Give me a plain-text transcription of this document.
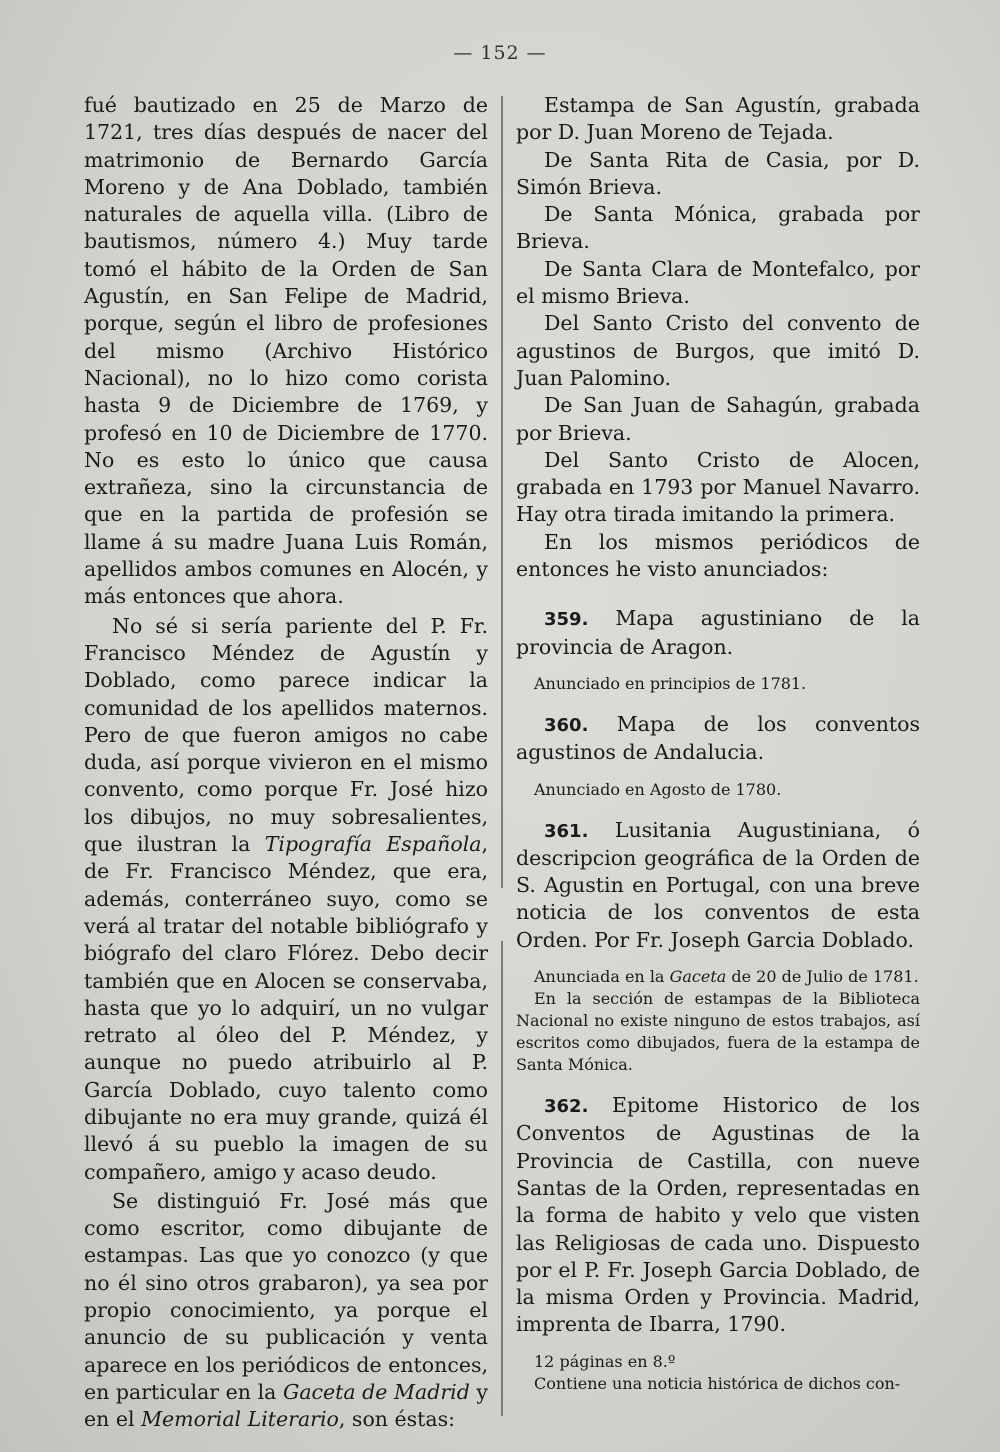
— 152 —

fué bautizado en 25 de Marzo de 1721, tres días después de nacer del matrimonio de Bernardo García Moreno y de Ana Doblado, también naturales de aquella villa. (Libro de bautismos, número 4.) Muy tarde tomó el hábito de la Orden de San Agustín, en San Felipe de Madrid, porque, según el libro de profesiones del mismo (Archivo Histórico Nacional), no lo hizo como corista hasta 9 de Diciembre de 1769, y profesó en 10 de Diciembre de 1770. No es esto lo único que causa extrañeza, sino la circunstancia de que en la partida de profesión se llame á su madre Juana Luis Román, apellidos ambos comunes en Alocén, y más entonces que ahora.

No sé si sería pariente del P. Fr. Francisco Méndez de Agustín y Doblado, como parece indicar la comunidad de los apellidos maternos. Pero de que fueron amigos no cabe duda, así porque vivieron en el mismo convento, como porque Fr. José hizo los dibujos, no muy sobresalientes, que ilustran la Tipografía Española, de Fr. Francisco Méndez, que era, además, conterráneo suyo, como se verá al tratar del notable bibliógrafo y biógrafo del claro Flórez. Debo decir también que en Alocen se conservaba, hasta que yo lo adquirí, un no vulgar retrato al óleo del P. Méndez, y aunque no puedo atribuirlo al P. García Doblado, cuyo talento como dibujante no era muy grande, quizá él llevó á su pueblo la imagen de su compañero, amigo y acaso deudo.

Se distinguió Fr. José más que como escritor, como dibujante de estampas. Las que yo conozco (y que no él sino otros grabaron), ya sea por propio conocimiento, ya porque el anuncio de su publicación y venta aparece en los periódicos de entonces, en particular en la Gaceta de Madrid y en el Memorial Literario, son éstas:

Estampa de San Agustín, grabada por D. Juan Moreno de Tejada.

De Santa Rita de Casia, por D. Simón Brieva.

De Santa Mónica, grabada por Brieva.

De Santa Clara de Montefalco, por el mismo Brieva.

Del Santo Cristo del convento de agustinos de Burgos, que imitó D. Juan Palomino.

De San Juan de Sahagún, grabada por Brieva.

Del Santo Cristo de Alocen, grabada en 1793 por Manuel Navarro. Hay otra tirada imitando la primera.

En los mismos periódicos de entonces he visto anunciados:

359. Mapa agustiniano de la provincia de Aragon.

Anunciado en principios de 1781.

360. Mapa de los conventos agustinos de Andalucia.

Anunciado en Agosto de 1780.

361. Lusitania Augustiniana, ó descripcion geográfica de la Orden de S. Agustin en Portugal, con una breve noticia de los conventos de esta Orden. Por Fr. Joseph Garcia Doblado.

Anunciada en la Gaceta de 20 de Julio de 1781.

En la sección de estampas de la Biblioteca Nacional no existe ninguno de estos trabajos, así escritos como dibujados, fuera de la estampa de Santa Mónica.

362. Epitome Historico de los Conventos de Agustinas de la Provincia de Castilla, con nueve Santas de la Orden, representadas en la forma de habito y velo que visten las Religiosas de cada uno. Dispuesto por el P. Fr. Joseph Garcia Doblado, de la misma Orden y Provincia. Madrid, imprenta de Ibarra, 1790.

12 páginas en 8.º

Contiene una noticia histórica de dichos con-
